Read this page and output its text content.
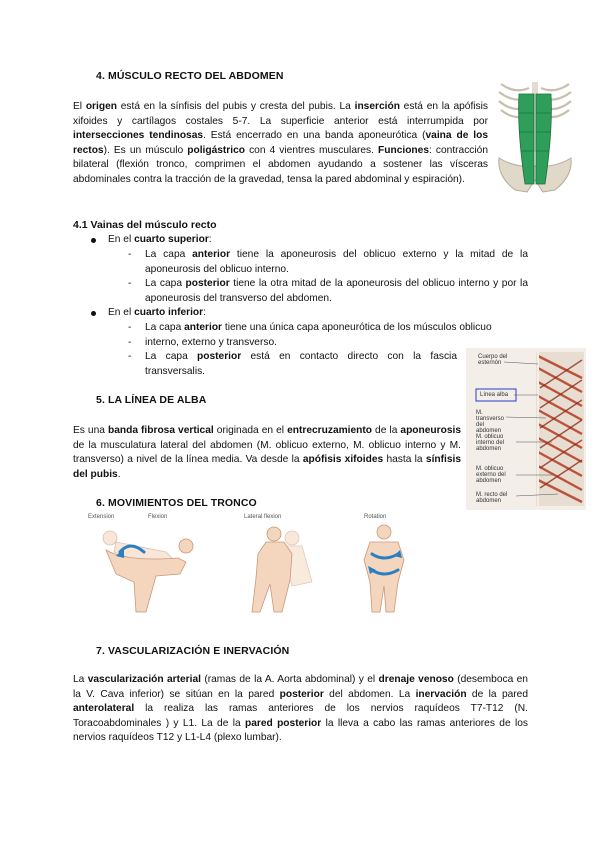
4. MÚSCULO RECTO DEL ABDOMEN
El origen está en la sínfisis del pubis y cresta del pubis. La inserción está en la apófisis xifoides y cartílagos costales 5-7. La superficie anterior está interrumpida por intersecciones tendinosas. Está encerrado en una banda aponeurótica (vaina de los rectos). Es un músculo poligástrico con 4 vientres musculares. Funciones: contracción bilateral (flexión tronco, comprimen el abdomen ayudando a sostener las vísceras abdominales contra la tracción de la gravedad, tensa la pared abdominal y espiración).
4.1 Vainas del músculo recto
En el cuarto superior:
- La capa anterior tiene la aponeurosis del oblicuo externo y la mitad de la aponeurosis del oblicuo interno.
- La capa posterior tiene la otra mitad de la aponeurosis del oblicuo interno y por la aponeurosis del transverso del abdomen.
En el cuarto inferior:
- La capa anterior tiene una única capa aponeurótica de los músculos oblicuo
- interno, externo y transverso.
- La capa posterior está en contacto directo con la fascia transversalis.
Cuerpo del esternón
Línea alba
M. transverso del abdomen
M. oblicuo interno del abdomen
M. oblicuo externo del abdomen
M. recto del abdomen
5. LA LÍNEA DE ALBA
Es una banda fibrosa vertical originada en el entrecruzamiento de la aponeurosis de la musculatura lateral del abdomen (M. oblicuo externo, M. oblicuo interno y M. transverso) a nivel de la línea media. Va desde la apófisis xifoides hasta la sínfisis del pubis.
6. MOVIMIENTOS DEL TRONCO
Extension	Flexion	Lateral flexion	Rotation
7. VASCULARIZACIÓN E INERVACIÓN
La vascularización arterial (ramas de la A. Aorta abdominal) y el drenaje venoso (desemboca en la V. Cava inferior) se sitúan en la pared posterior del abdomen. La inervación de la pared anterolateral la realiza las ramas anteriores de los nervios raquídeos T7-T12 (N. Toracoabdominales ) y L1. La de la pared posterior la lleva a cabo las ramas anteriores de los nervios raquídeos T12 y L1-L4 (plexo lumbar).
